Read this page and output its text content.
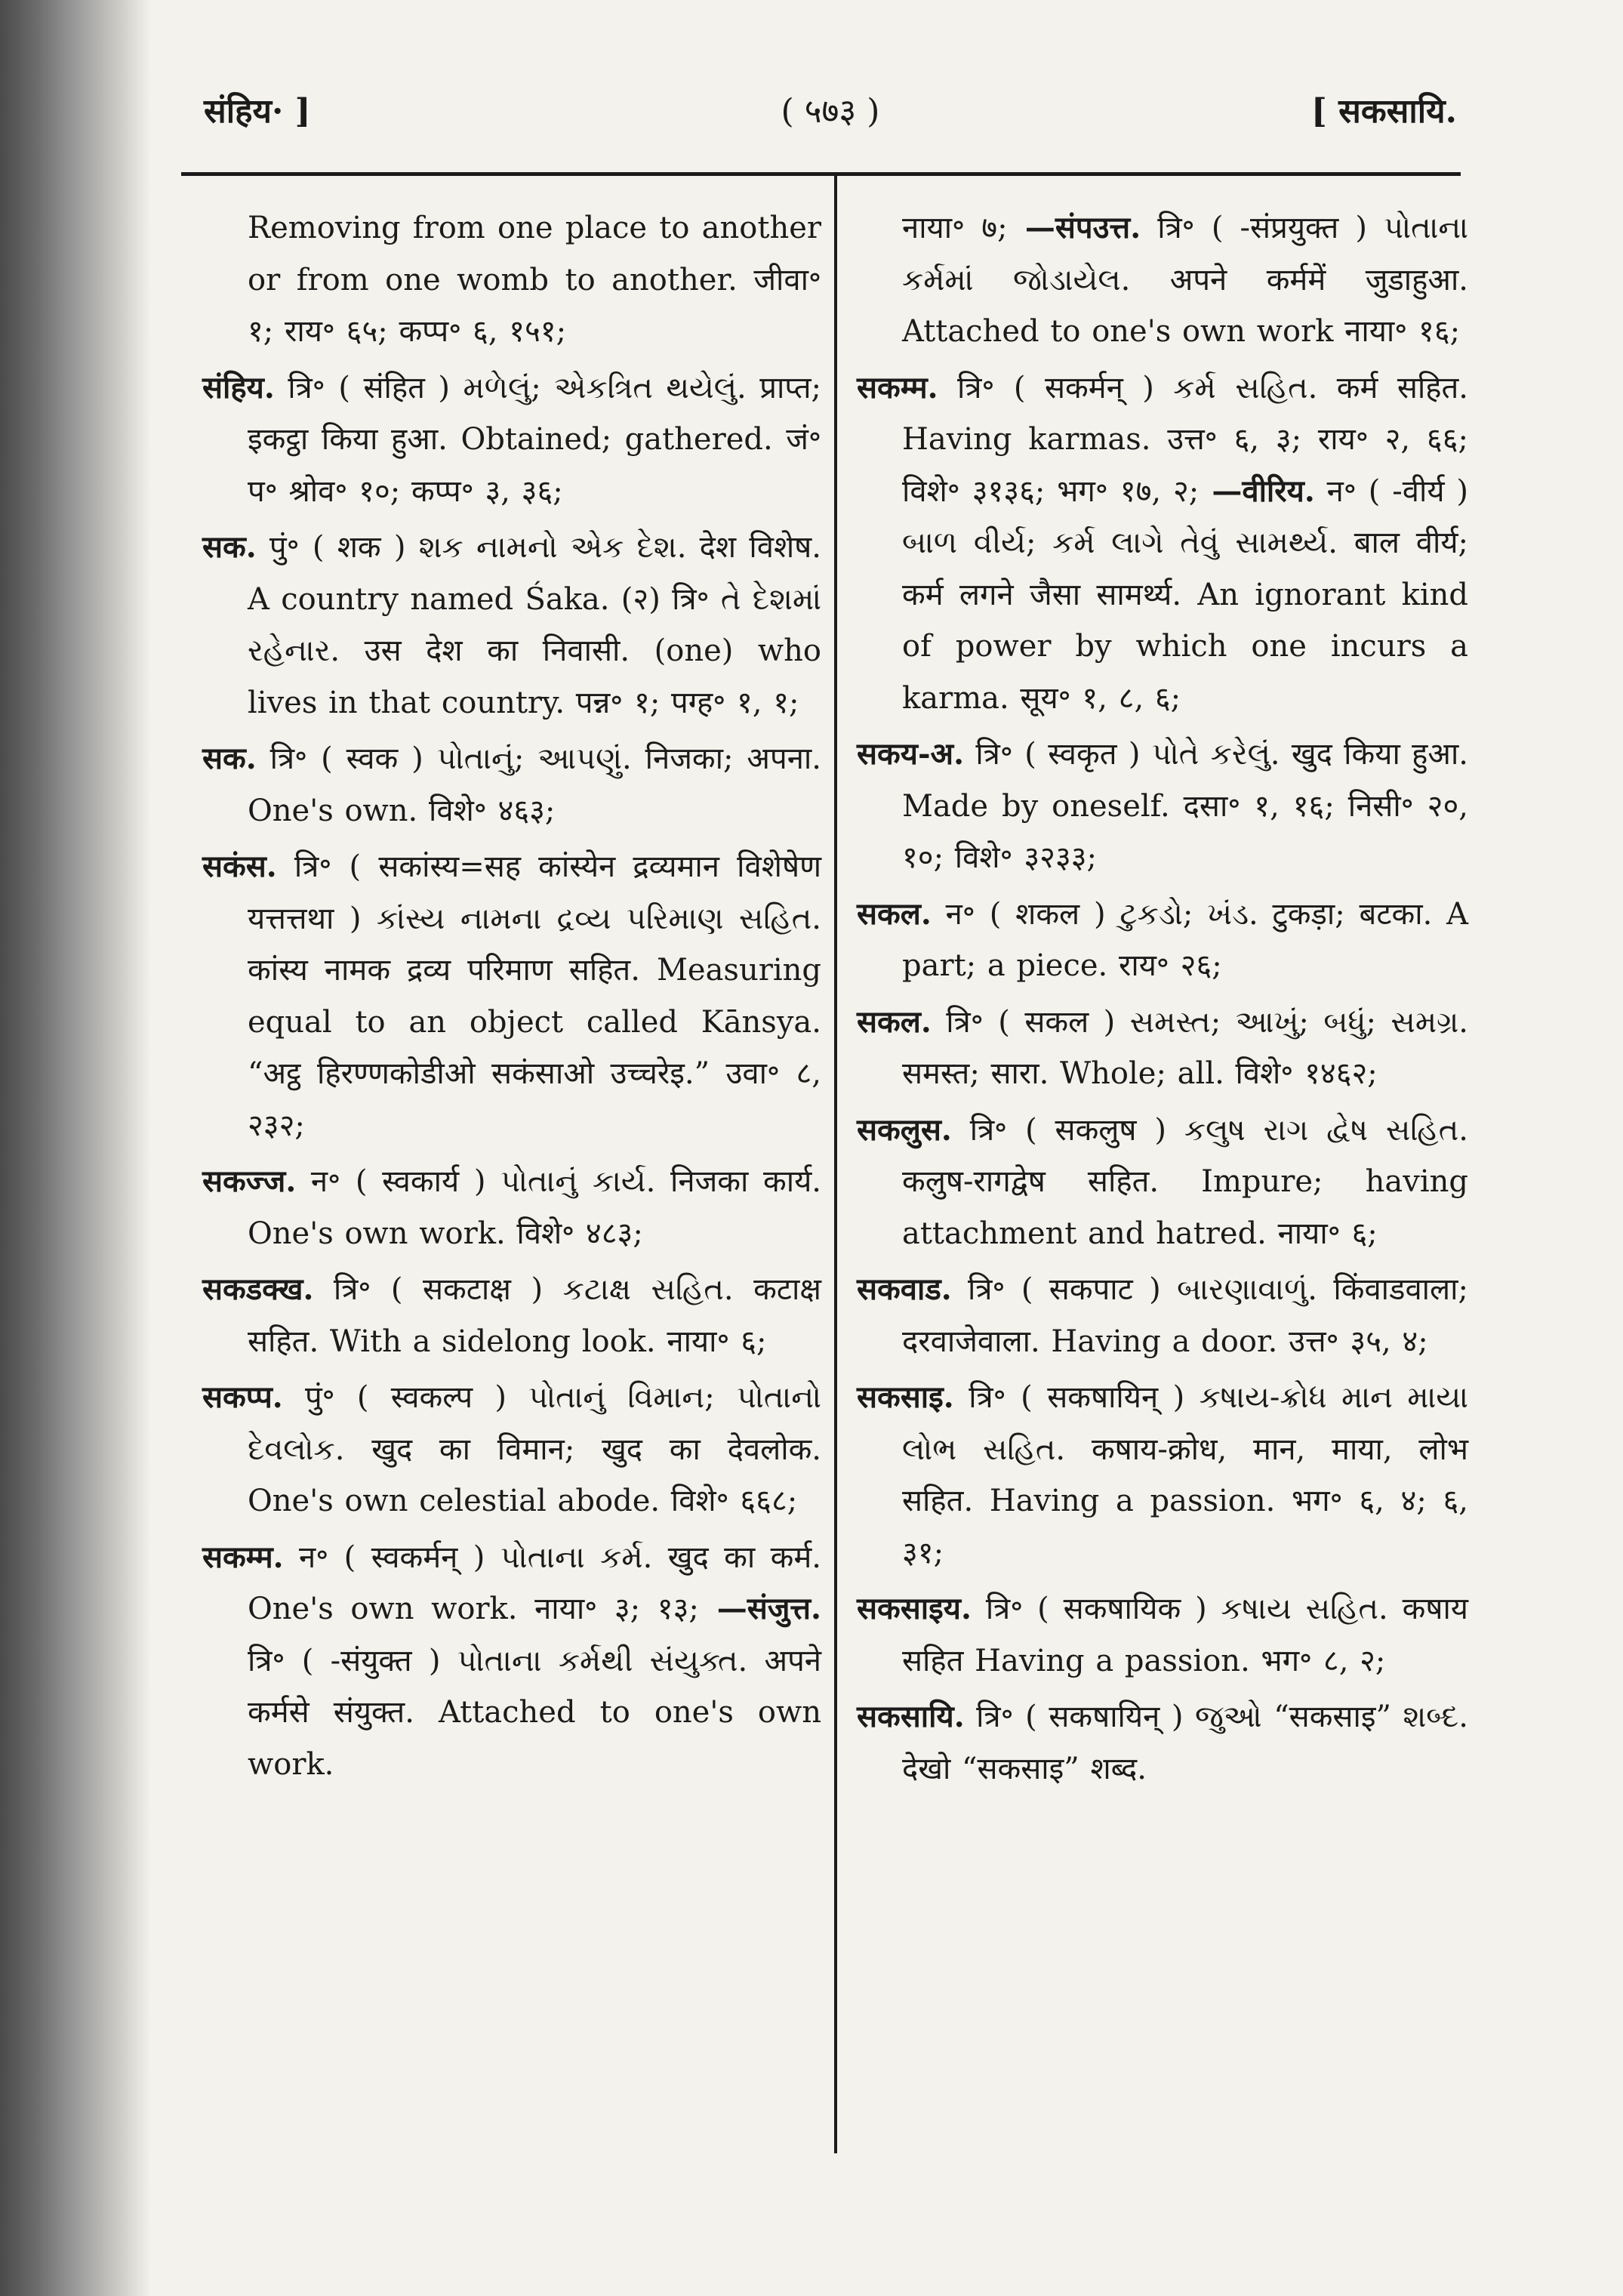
संहिय· ]	( ५७३ )	[ सकसायि.

Removing from one place to another or from one womb to another. जीवा॰ १; राय॰ ६५; कप्प॰ ६, १५१;

संहिय. त्रि॰ ( संहित ) મળેલું; એકત્રિત થયેલું. प्राप्त; इकट्ठा किया हुआ. Obtained; gathered. जं॰ प॰ श्रोव॰ १०; कप्प॰ ३, ३६;

सक. पुं॰ ( शक ) શક નામનો એક દેશ. देश विशेष. A country named Śaka. (२) त्रि॰ તે દેશમાં રહેનાર. उस देश का निवासी. (one) who lives in that country. पन्न॰ १; पग्ह॰ १, १;

सक. त्रि॰ ( स्वक ) પોતાનું; આપણું. निजका; अपना. One's own. विशे॰ ४६३;

सकंस. त्रि॰ ( सकांस्य=सह कांस्येन द्रव्यमान विशेषेण यत्तत्तथा ) કાંસ્ય નામના દ્રવ્ય પરિમાણ સહિત. कांस्य नामक द्रव्य परिमाण सहित. Measuring equal to an object called Kānsya. “अट्ठ हिरण्णकोडीओ सकंसाओ उच्चरेइ.” उवा॰ ८, २३२;

सकज्ज. न॰ ( स्वकार्य ) પોતાનું કાર્ય. निजका कार्य. One's own work. विशे॰ ४८३;

सकडक्ख. त्रि॰ ( सकटाक्ष ) કટાક્ષ સહિત. कटाक्ष सहित. With a sidelong look. नाया॰ ६;

सकप्प. पुं॰ ( स्वकल्प ) પોતાનું વિમાન; પોતાનો દેવલોક. खुद का विमान; खुद का देवलोक. One's own celestial abode. विशे॰ ६६८;

सकम्म. न॰ ( स्वकर्मन् ) પોતાના કર્મ. खुद का कर्म. One's own work. नाया॰ ३; १३; —संजुत्त. त्रि॰ ( -संयुक्त ) પોતાના કર્મથી સંયુક્ત. अपने कर्मसे संयुक्त. Attached to one's own work.

नाया॰ ७; —संपउत्त. त्रि॰ ( -संप्रयुक्त ) પોતાના કર્મમાં જોડાયેલ. अपने कर्ममें जुडाहुआ. Attached to one's own work नाया॰ १६;

सकम्म. त्रि॰ ( सकर्मन् ) કર્મ સહિત. कर्म सहित. Having karmas. उत्त॰ ६, ३; राय॰ २, ६६; विशे॰ ३१३६; भग॰ १७, २; —वीरिय. न॰ ( -वीर्य ) બાળ વીર્ય; કર્મ લાગે તેવું સામર્થ્ય. बाल वीर्य; कर्म लगने जैसा सामर्थ्य. An ignorant kind of power by which one incurs a karma. सूय॰ १, ८, ६;

सकय-अ. त्रि॰ ( स्वकृत ) પોતે કરેલું. खुद किया हुआ. Made by oneself. दसा॰ १, १६; निसी॰ २०, १०; विशे॰ ३२३३;

सकल. न॰ ( शकल ) ટુકડો; ખંડ. टुकड़ा; बटका. A part; a piece. राय॰ २६;

सकल. त्रि॰ ( सकल ) સમસ્ત; આખું; બધું; સમગ્ર. समस्त; सारा. Whole; all. विशे॰ १४६२;

सकलुस. त्रि॰ ( सकलुष ) કલુષ રાગ દ્વેષ સહિત. कलुष-रागद्वेष सहित. Impure; having attachment and hatred. नाया॰ ६;

सकवाड. त्रि॰ ( सकपाट ) બારણાવાળું. किंवाडवाला; दरवाजेवाला. Having a door. उत्त॰ ३५, ४;

सकसाइ. त्रि॰ ( सकषायिन् ) કષાય-ક્રોધ માન માયા લોભ સહિત. कषाय-क्रोध, मान, माया, लोभ सहित. Having a passion. भग॰ ६, ४; ६, ३१;

सकसाइय. त्रि॰ ( सकषायिक ) કષાય સહિત. कषाय सहित Having a passion. भग॰ ८, २;

सकसायि. त्रि॰ ( सकषायिन् ) જુઓ “सकसाइ” શબ્દ. देखो “सकसाइ” शब्द.
